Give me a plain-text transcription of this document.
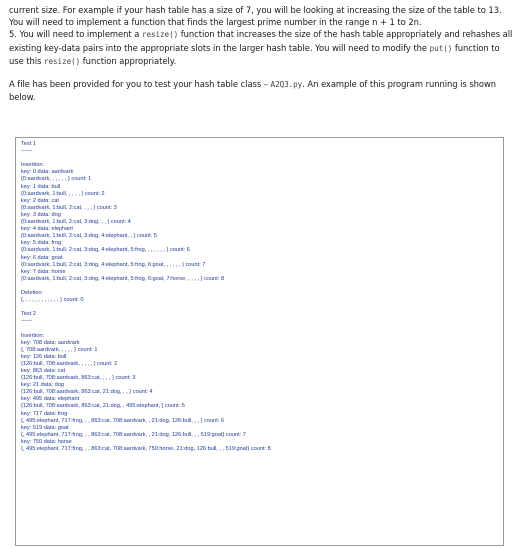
current size. For example if your hash table has a size of 7, you will be looking at increasing the size of the table to 13. You will need to implement a function that finds the largest prime number in the range n + 1 to 2n.

5. You will need to implement a resize() function that increases the size of the hash table appropriately and rehashes all existing key-data pairs into the appropriate slots in the larger hash table. You will need to modify the put() function to use this resize() function appropriately.

A file has been provided for you to test your hash table class – A2Q3.py. An example of this program running is shown below.

Test 1
------
Insertion:
key: 0 data: aardvark
{0:aardvark, , , , , , } count: 1
key: 1 data: bull
{0:aardvark, 1:bull, , , , , } count: 2
key: 2 data: cat
{0:aardvark, 1:bull, 2:cat, , , , } count: 3
key: 3 data: dog
{0:aardvark, 1:bull, 2:cat, 3:dog, , , } count: 4
key: 4 data: elephant
{0:aardvark, 1:bull, 2:cat, 3:dog, 4:elephant, , } count: 5
key: 5 data: frog
{0:aardvark, 1:bull, 2:cat, 3:dog, 4:elephant, 5:frog, , , , , , , } count: 6
key: 6 data: goat
{0:aardvark, 1:bull, 2:cat, 3:dog, 4:elephant, 5:frog, 6:goat, , , , , , } count: 7
key: 7 data: horse
{0:aardvark, 1:bull, 2:cat, 3:dog, 4:elephant, 5:frog, 6:goat, 7:horse, , , , , } count: 8
Deletion:
{, , , , , , , , , , , , } count: 0
Test 2
------
Insertion:
key: 708 data: aardvark
{, 708:aardvark, , , , , } count: 1
key: 126 data: bull
{126:bull, 708:aardvark, , , , , } count: 2
key: 863 data: cat
{126:bull, 708:aardvark, 863:cat, , , , } count: 3
key: 21 data: dog
{126:bull, 708:aardvark, 863:cat, 21:dog, , , } count: 4
key: 495 data: elephant
{126:bull, 708:aardvark, 863:cat, 21:dog, , 495:elephant, } count: 5
key: 717 data: frog
{, 495:elephant, 717:frog, , , 863:cat, 708:aardvark, , 21:dog, 126:bull, , , } count: 6
key: 519 data: goat
{, 495:elephant, 717:frog, , , 863:cat, 708:aardvark, , 21:dog, 126:bull, , , 519:goat} count: 7
key: 750 data: horse
{, 495:elephant, 717:frog, , , 863:cat, 708:aardvark, 750:horse, 21:dog, 126:bull, , , 519:goat} count: 8
